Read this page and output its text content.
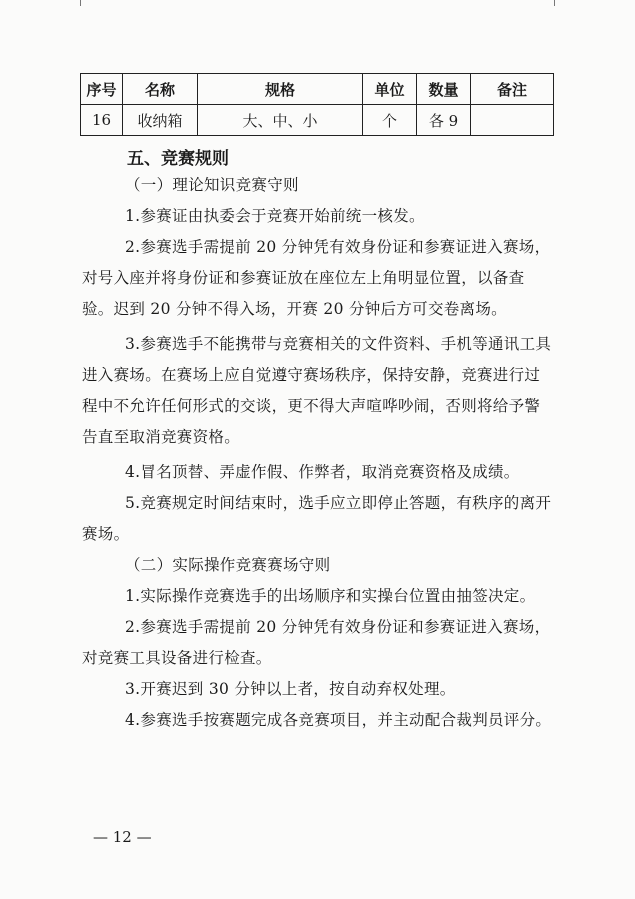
序号	名称	规格	单位	数量	备注
16	收纳箱	大、中、小	个	各 9	
五、竞赛规则

（一）理论知识竞赛守则

1.参赛证由执委会于竞赛开始前统一核发。

2.参赛选手需提前 20 分钟凭有效身份证和参赛证进入赛场，对号入座并将身份证和参赛证放在座位左上角明显位置，以备查验。迟到 20 分钟不得入场，开赛 20 分钟后方可交卷离场。

3.参赛选手不能携带与竞赛相关的文件资料、手机等通讯工具进入赛场。在赛场上应自觉遵守赛场秩序，保持安静，竞赛进行过程中不允许任何形式的交谈，更不得大声喧哗吵闹，否则将给予警告直至取消竞赛资格。

4.冒名顶替、弄虚作假、作弊者，取消竞赛资格及成绩。

5.竞赛规定时间结束时，选手应立即停止答题，有秩序的离开赛场。

（二）实际操作竞赛赛场守则

1.实际操作竞赛选手的出场顺序和实操台位置由抽签决定。

2.参赛选手需提前 20 分钟凭有效身份证和参赛证进入赛场，对竞赛工具设备进行检查。

3.开赛迟到 30 分钟以上者，按自动弃权处理。

4.参赛选手按赛题完成各竞赛项目，并主动配合裁判员评分。

— 12 —
